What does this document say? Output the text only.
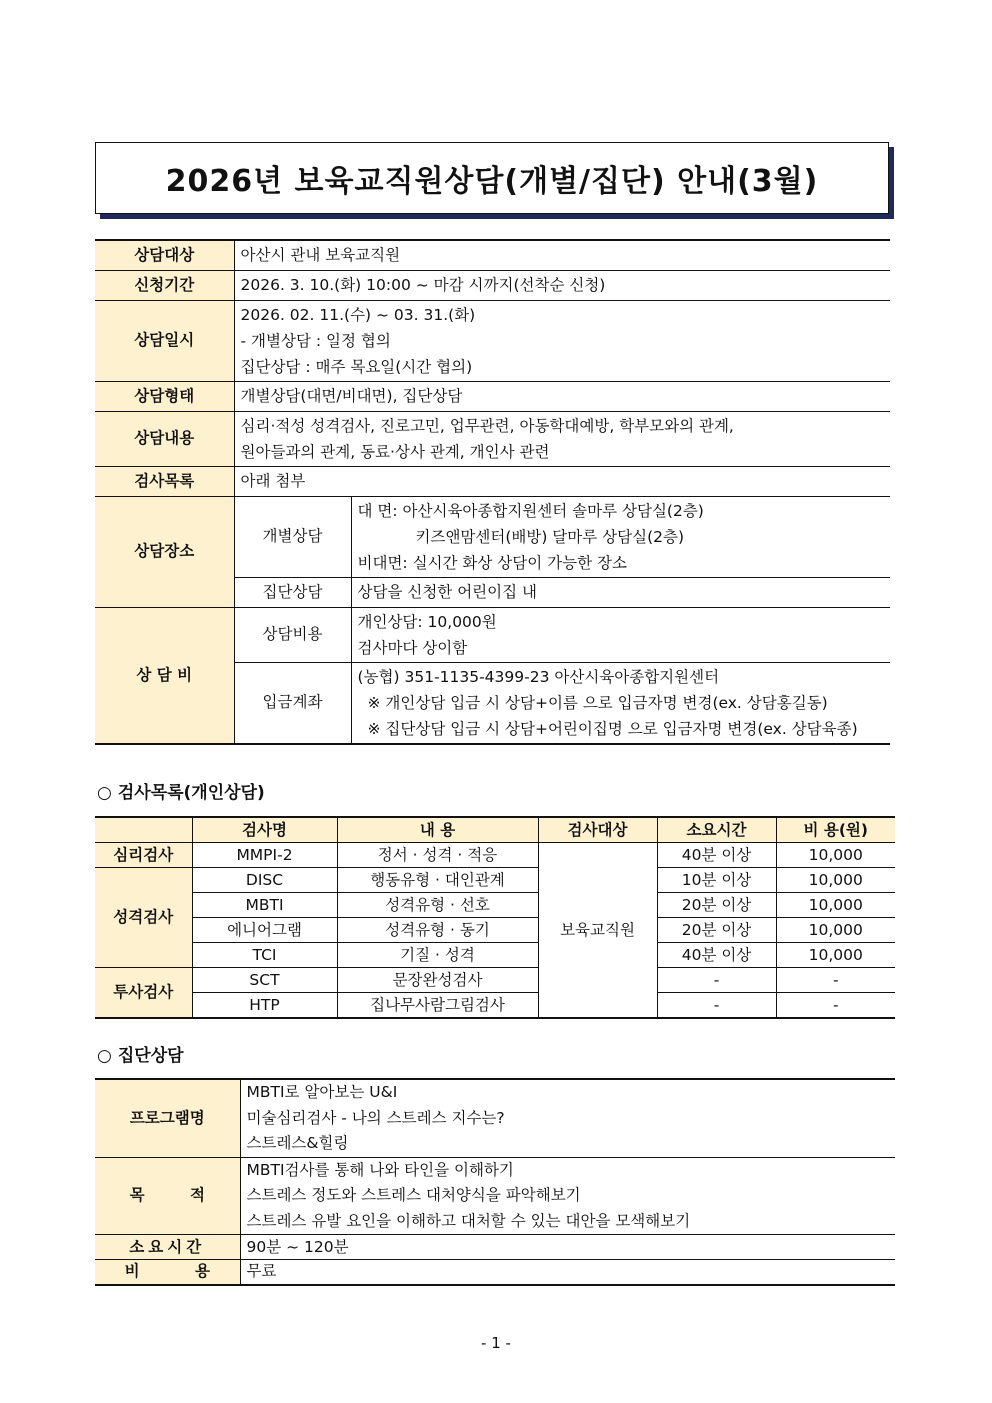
2026년 보육교직원상담(개별/집단) 안내(3월)
상담대상	아산시 관내 보육교직원	
신청기간	2026. 3. 10.(화) 10:00 ~ 마감 시까지(선착순 신청)	
상담일시	2026. 02. 11.(수) ~ 03. 31.(화)
- 개별상담 : 일정 협의
집단상담 : 매주 목요일(시간 협의)	

상담형태	개별상담(대면/비대면), 집단상담	
상담내용	심리·적성 성격검사, 진로고민, 업무관련, 아동학대예방, 학부모와의 관계,
원아들과의 관계, 동료·상사 관계, 개인사 관련	

검사목록	아래 첨부	
상담장소	개별상담	대 면: 아산시육아종합지원센터 솔마루 상담실(2층)
키즈앤맘센터(배방) 달마루 상담실(2층)
비대면: 실시간 화상 상담이 가능한 장소

	집단상담	상담을 신청한 어린이집 내
상 담 비	상담비용	개인상담: 10,000원
검사마다 상이함

	입금계좌	(농협) 351-1135-4399-23 아산시육아종합지원센터
※ 개인상담 입금 시 상담+이름 으로 입금자명 변경(ex. 상담홍길동)
※ 집단상담 입금 시 상담+어린이집명 으로 입금자명 변경(ex. 상담육종)
○ 검사목록(개인상담)
	검사명	내 용	검사대상	소요시간	비 용(원)
심리검사	MMPI-2	정서 · 성격 · 적응	보육교직원	40분 이상	10,000
성격검사	DISC	행동유형 · 대인관계		10분 이상	10,000
	MBTI	성격유형 · 선호		20분 이상	10,000
	에니어그램	성격유형 · 동기		20분 이상	10,000
	TCI	기질 · 성격		40분 이상	10,000
투사검사	SCT	문장완성검사		-	-
	HTP	집나무사람그림검사		-	-
○ 집단상담
프로그램명	MBTI로 알아보는 U&I
미술심리검사 - 나의 스트레스 지수는?
스트레스&힐링

목 적	MBTI검사를 통해 나와 타인을 이해하기
스트레스 정도와 스트레스 대처양식을 파악해보기
스트레스 유발 요인을 이해하고 대처할 수 있는 대안을 모색해보기

소요시간	90분 ~ 120분
비 용	무료
- 1 -
